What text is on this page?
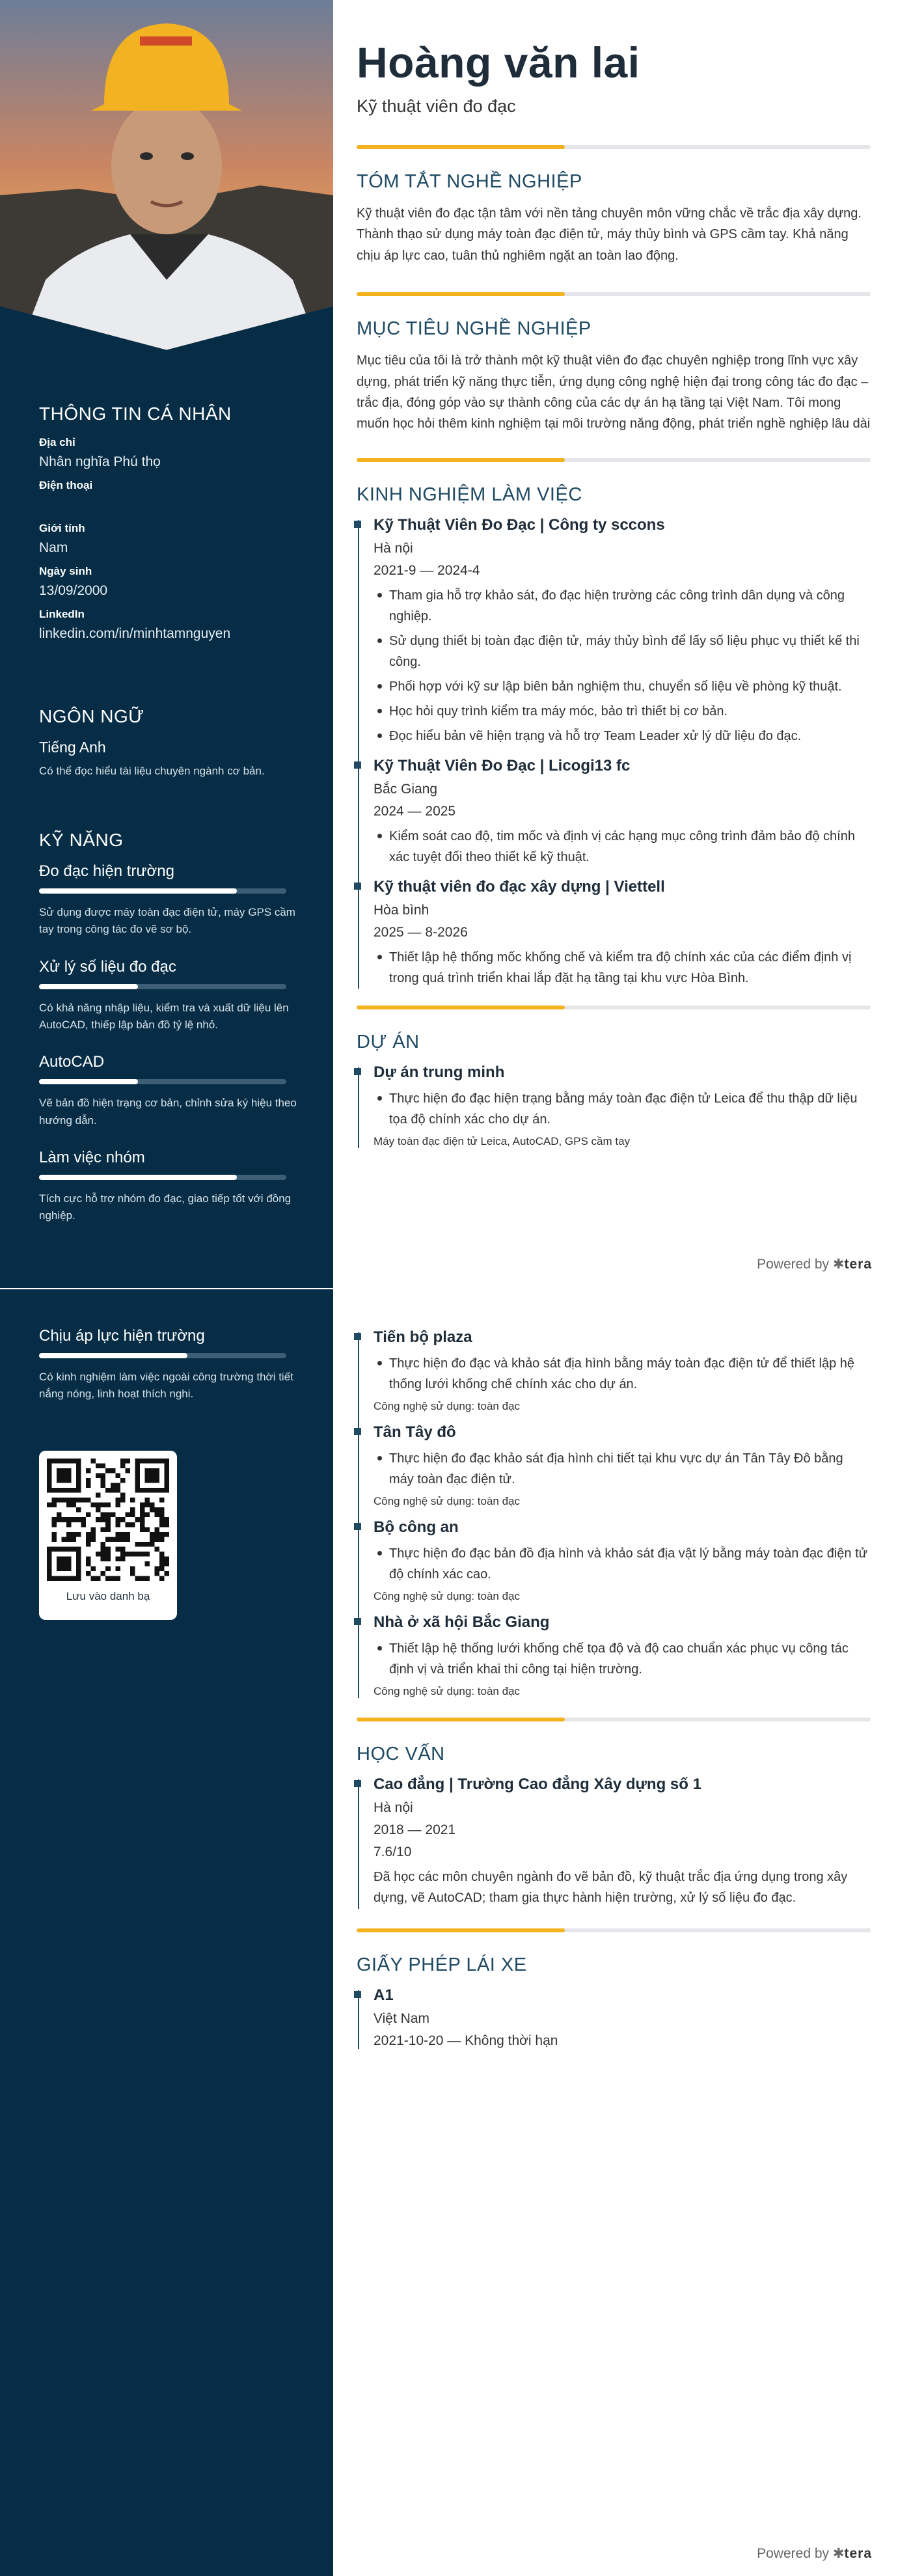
THÔNG TIN CÁ NHÂN
Địa chỉ
Nhân nghĩa Phú thọ
Điện thoại
Giới tính
Nam
Ngày sinh
13/09/2000
LinkedIn
linkedin.com/in/minhtamnguyen
NGÔN NGỮ
Tiếng Anh
Có thể đọc hiểu tài liệu chuyên ngành cơ bản.
KỸ NĂNG
Đo đạc hiện trường
Sử dụng được máy toàn đạc điện tử, máy GPS cầm tay trong công tác đo vẽ sơ bộ.
Xử lý số liệu đo đạc
Có khả năng nhập liệu, kiểm tra và xuất dữ liệu lên AutoCAD, thiếp lập bản đồ tỷ lệ nhỏ.
AutoCAD
Vẽ bản đồ hiện trạng cơ bản, chỉnh sửa ký hiệu theo hướng dẫn.
Làm việc nhóm
Tích cực hỗ trợ nhóm đo đạc, giao tiếp tốt với đồng nghiệp.
Hoàng văn lai
Kỹ thuật viên đo đạc
TÓM TẮT NGHỀ NGHIỆP

Kỹ thuật viên đo đạc tận tâm với nền tảng chuyên môn vững chắc về trắc địa xây dựng. Thành thạo sử dụng máy toàn đạc điện tử, máy thủy bình và GPS cầm tay. Khả năng chịu áp lực cao, tuân thủ nghiêm ngặt an toàn lao động.

MỤC TIÊU NGHỀ NGHIỆP

Mục tiêu của tôi là trở thành một kỹ thuật viên đo đạc chuyên nghiệp trong lĩnh vực xây dựng, phát triển kỹ năng thực tiễn, ứng dụng công nghệ hiện đại trong công tác đo đạc – trắc địa, đóng góp vào sự thành công của các dự án hạ tầng tại Việt Nam. Tôi mong muốn học hỏi thêm kinh nghiệm tại môi trường năng động, phát triển nghề nghiệp lâu dài

KINH NGHIỆM LÀM VIỆC
Kỹ Thuật Viên Đo Đạc | Công ty sccons
Hà nội
2021-9 — 2024-4
Tham gia hỗ trợ khảo sát, đo đạc hiện trường các công trình dân dụng và công nghiệp.
Sử dụng thiết bị toàn đạc điện tử, máy thủy bình để lấy số liệu phục vụ thiết kế thi công.
Phối hợp với kỹ sư lập biên bản nghiệm thu, chuyển số liệu về phòng kỹ thuật.
Học hỏi quy trình kiểm tra máy móc, bảo trì thiết bị cơ bản.
Đọc hiểu bản vẽ hiện trạng và hỗ trợ Team Leader xử lý dữ liệu đo đạc.
Kỹ Thuật Viên Đo Đạc | Licogi13 fc
Bắc Giang
2024 — 2025
Kiểm soát cao độ, tim mốc và định vị các hạng mục công trình đảm bảo độ chính xác tuyệt đối theo thiết kế kỹ thuật.
Kỹ thuật viên đo đạc xây dựng | Viettell
Hòa bình
2025 — 8-2026
Thiết lập hệ thống mốc khống chế và kiểm tra độ chính xác của các điểm định vị trong quá trình triển khai lắp đặt hạ tầng tại khu vực Hòa Bình.
DỰ ÁN
Dự án trung minh
Thực hiện đo đạc hiện trạng bằng máy toàn đạc điện tử Leica để thu thập dữ liệu tọa độ chính xác cho dự án.
Máy toàn đạc điện tử Leica, AutoCAD, GPS cầm tay
Powered by ✱tera
Chịu áp lực hiện trường
Có kinh nghiệm làm việc ngoài công trường thời tiết nắng nóng, linh hoạt thích nghi.
Lưu vào danh bạ
Tiến bộ plaza
Thực hiện đo đạc và khảo sát địa hình bằng máy toàn đạc điện tử để thiết lập hệ thống lưới khống chế chính xác cho dự án.
Công nghệ sử dụng: toàn đạc
Tân Tây đô
Thực hiện đo đạc khảo sát địa hình chi tiết tại khu vực dự án Tân Tây Đô bằng máy toàn đạc điện tử.
Công nghệ sử dụng: toàn đạc
Bộ công an
Thực hiện đo đạc bản đồ địa hình và khảo sát địa vật lý bằng máy toàn đạc điện tử độ chính xác cao.
Công nghệ sử dụng: toàn đạc
Nhà ở xã hội Bắc Giang
Thiết lập hệ thống lưới khống chế tọa độ và độ cao chuẩn xác phục vụ công tác định vị và triển khai thi công tại hiện trường.
Công nghệ sử dụng: toàn đạc
HỌC VẤN
Cao đẳng | Trường Cao đẳng Xây dựng số 1
Hà nội
2018 — 2021
7.6/10

Đã học các môn chuyên ngành đo vẽ bản đồ, kỹ thuật trắc địa ứng dụng trong xây dựng, vẽ AutoCAD; tham gia thực hành hiện trường, xử lý số liệu đo đạc.

GIẤY PHÉP LÁI XE
A1
Việt Nam
2021-10-20 — Không thời hạn
Powered by ✱tera
